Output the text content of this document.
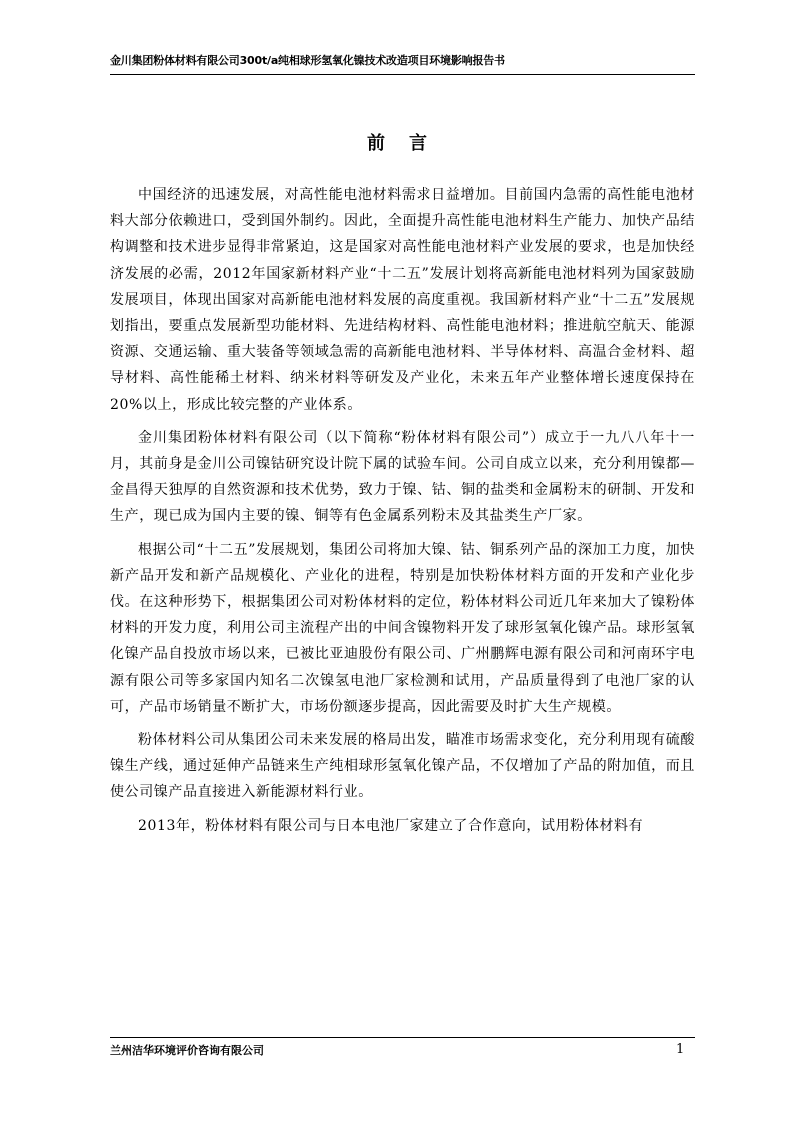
金川集团粉体材料有限公司300t/a纯相球形氢氧化镍技术改造项目环境影响报告书
前言

中国经济的迅速发展，对高性能电池材料需求日益增加。目前国内急需的高性能电池材料大部分依赖进口，受到国外制约。因此，全面提升高性能电池材料生产能力、加快产品结构调整和技术进步显得非常紧迫，这是国家对高性能电池材料产业发展的要求，也是加快经济发展的必需，2012年国家新材料产业“十二五”发展计划将高新能电池材料列为国家鼓励发展项目，体现出国家对高新能电池材料发展的高度重视。我国新材料产业“十二五”发展规划指出，要重点发展新型功能材料、先进结构材料、高性能电池材料；推进航空航天、能源资源、交通运输、重大装备等领域急需的高新能电池材料、半导体材料、高温合金材料、超导材料、高性能稀土材料、纳米材料等研发及产业化，未来五年产业整体增长速度保持在20%以上，形成比较完整的产业体系。

金川集团粉体材料有限公司（以下简称“粉体材料有限公司”）成立于一九八八年十一月，其前身是金川公司镍钴研究设计院下属的试验车间。公司自成立以来，充分利用镍都—金昌得天独厚的自然资源和技术优势，致力于镍、钴、铜的盐类和金属粉末的研制、开发和生产，现已成为国内主要的镍、铜等有色金属系列粉末及其盐类生产厂家。

根据公司“十二五”发展规划，集团公司将加大镍、钴、铜系列产品的深加工力度，加快新产品开发和新产品规模化、产业化的进程，特别是加快粉体材料方面的开发和产业化步伐。在这种形势下，根据集团公司对粉体材料的定位，粉体材料公司近几年来加大了镍粉体材料的开发力度，利用公司主流程产出的中间含镍物料开发了球形氢氧化镍产品。球形氢氧化镍产品自投放市场以来，已被比亚迪股份有限公司、广州鹏辉电源有限公司和河南环宇电源有限公司等多家国内知名二次镍氢电池厂家检测和试用，产品质量得到了电池厂家的认可，产品市场销量不断扩大，市场份额逐步提高，因此需要及时扩大生产规模。

粉体材料公司从集团公司未来发展的格局出发，瞄准市场需求变化，充分利用现有硫酸镍生产线，通过延伸产品链来生产纯相球形氢氧化镍产品，不仅增加了产品的附加值，而且使公司镍产品直接进入新能源材料行业。

2013年，粉体材料有限公司与日本电池厂家建立了合作意向，试用粉体材料有

兰州洁华环境评价咨询有限公司	1
